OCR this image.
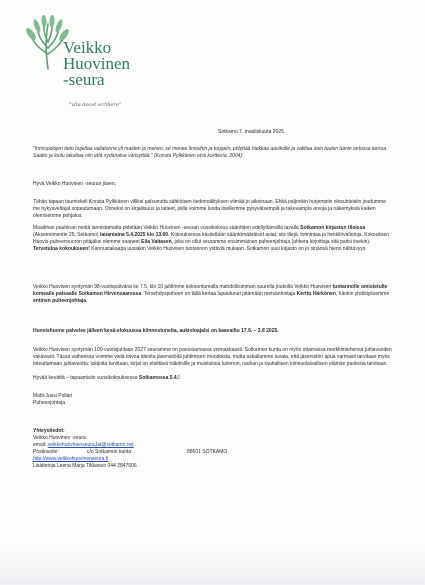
Veikko
Huovinen
-seura
"vita docet scribere"
Sotkamo 7. maaliskuuta 2025
"Ihmispolojen tieto hujeltaa vallatonna yli maiden ja merien, se menee linnoihin ja torppiin, pölyttää hiekkaa aavikolle ja valittaa äsin tuulen äänin ontossa keissa. Saatto ja loulu lakuttaa niin että sydänaloa värisyttää." (Konsta Pylkkänen etsii korttieria, 2004)
Hyvä Veikko Huovinen -seuran jäsen,
Tähän tapaan tuumiskeli Konsta Pylkkänen villiksi palsunutta sähköisen tiedonvälityksen viimää jo aikoinaan. Ehkä paljonkin hurjempiin olosuhteisiin joudumme me nykyaveltajat sopeutumaan. Onneksi on kirjallisuus ja taiteet, joilla voimme luoda itsellemme pysyväisempiä ja takevampia arvoja ja näkemyksiä kaiken olemisemme pohjaksi.
Maailman pauhinan meitä lannistamatta pidetään Veikko Huovinen -seuran vuosikokous sääntöjen edellyttämällä tavalla Sotkamon kirjaston tiloissa (Akseenimentie 25, Sotkamo) lauantaina 5.4.2025 klo 13.00. Kokouksessa käsitellään sääntömääräiset asiat, siis tilejä, toimintaa ja henkilövalintoja. Kokouksen Huovis-puheenvuoron pitäjäksi olemme saaneet Eila Vaitasen, joka on ollut seuramme ensimmäinen puheenjohtaja (ahkera kirjoittaja sitä paitsi itsekin). Tervetuloa kokoukseen! Kannustakaapa uusiakin Veikko Huovisen tuotannon ystäviä mukaan. Sotkamon uusi kirjasto on jo sinänsä hieno nähtävyys.
Veikko Huovisen syntymän 98-vuotispäivänä ke 7.5. klo 10 juhlimme kokoontumalla mahdollisimman suurella joukolla Veikko Huovisen tuotannolle omistetulle komealle patsaalle Sotkamon Hirvensaaressa. Tervehdyspuheen on tällä kertaa lupautunut pitämään metsänhoitaja Kerttu Härkönen, hänkin yhdistyksemme entinen puheenjohtaja.
Huovishuone palvelee jälleen kesä-elokuussa kiinnostuneita, aukioloajalsi on kaavailtu 17.6. – 3.8 2025.
Veikko Huovisen syntymän 100-vuotisjuhlaan 2027 seuramme on panostamassa voimakkaasti. Sotkamon kunta on myös ottamassa merkkimiehensä juhlavuoden vakavasti. Tässä vaiheessa voimme vielä toivoa ideoita jäsenistöltä juhlimisen muodoista, mutta uskallamme luvata, että jäsenistön apua varmasti tarvitaan myös toteuttamaan juhlavuotta: lukijoita tarvitaan, kirjat on etsittävä näköisille ja muistuksia luonnon, rauhan ja rauhallisen kiinnuolaisallisen elämän puolesta tarvitaan.
Hyvää kevättä – tapaamisiin vuosikokouksessa Sotkamossa 5.4.!
Matti-Jussi Pollari
Puheenjohtaja
Yhteystiedot:
Veikko Huovinen -seura
email: veikkohuovinenseuraJat@sotkamo.net
Postiosoite:	c/o Sotkamon kunta	88601 SOTKAMO
http://www.veikkohuovinenseura.fi
Lisätietoja Leena Marja Tikkanen 044 2847606
